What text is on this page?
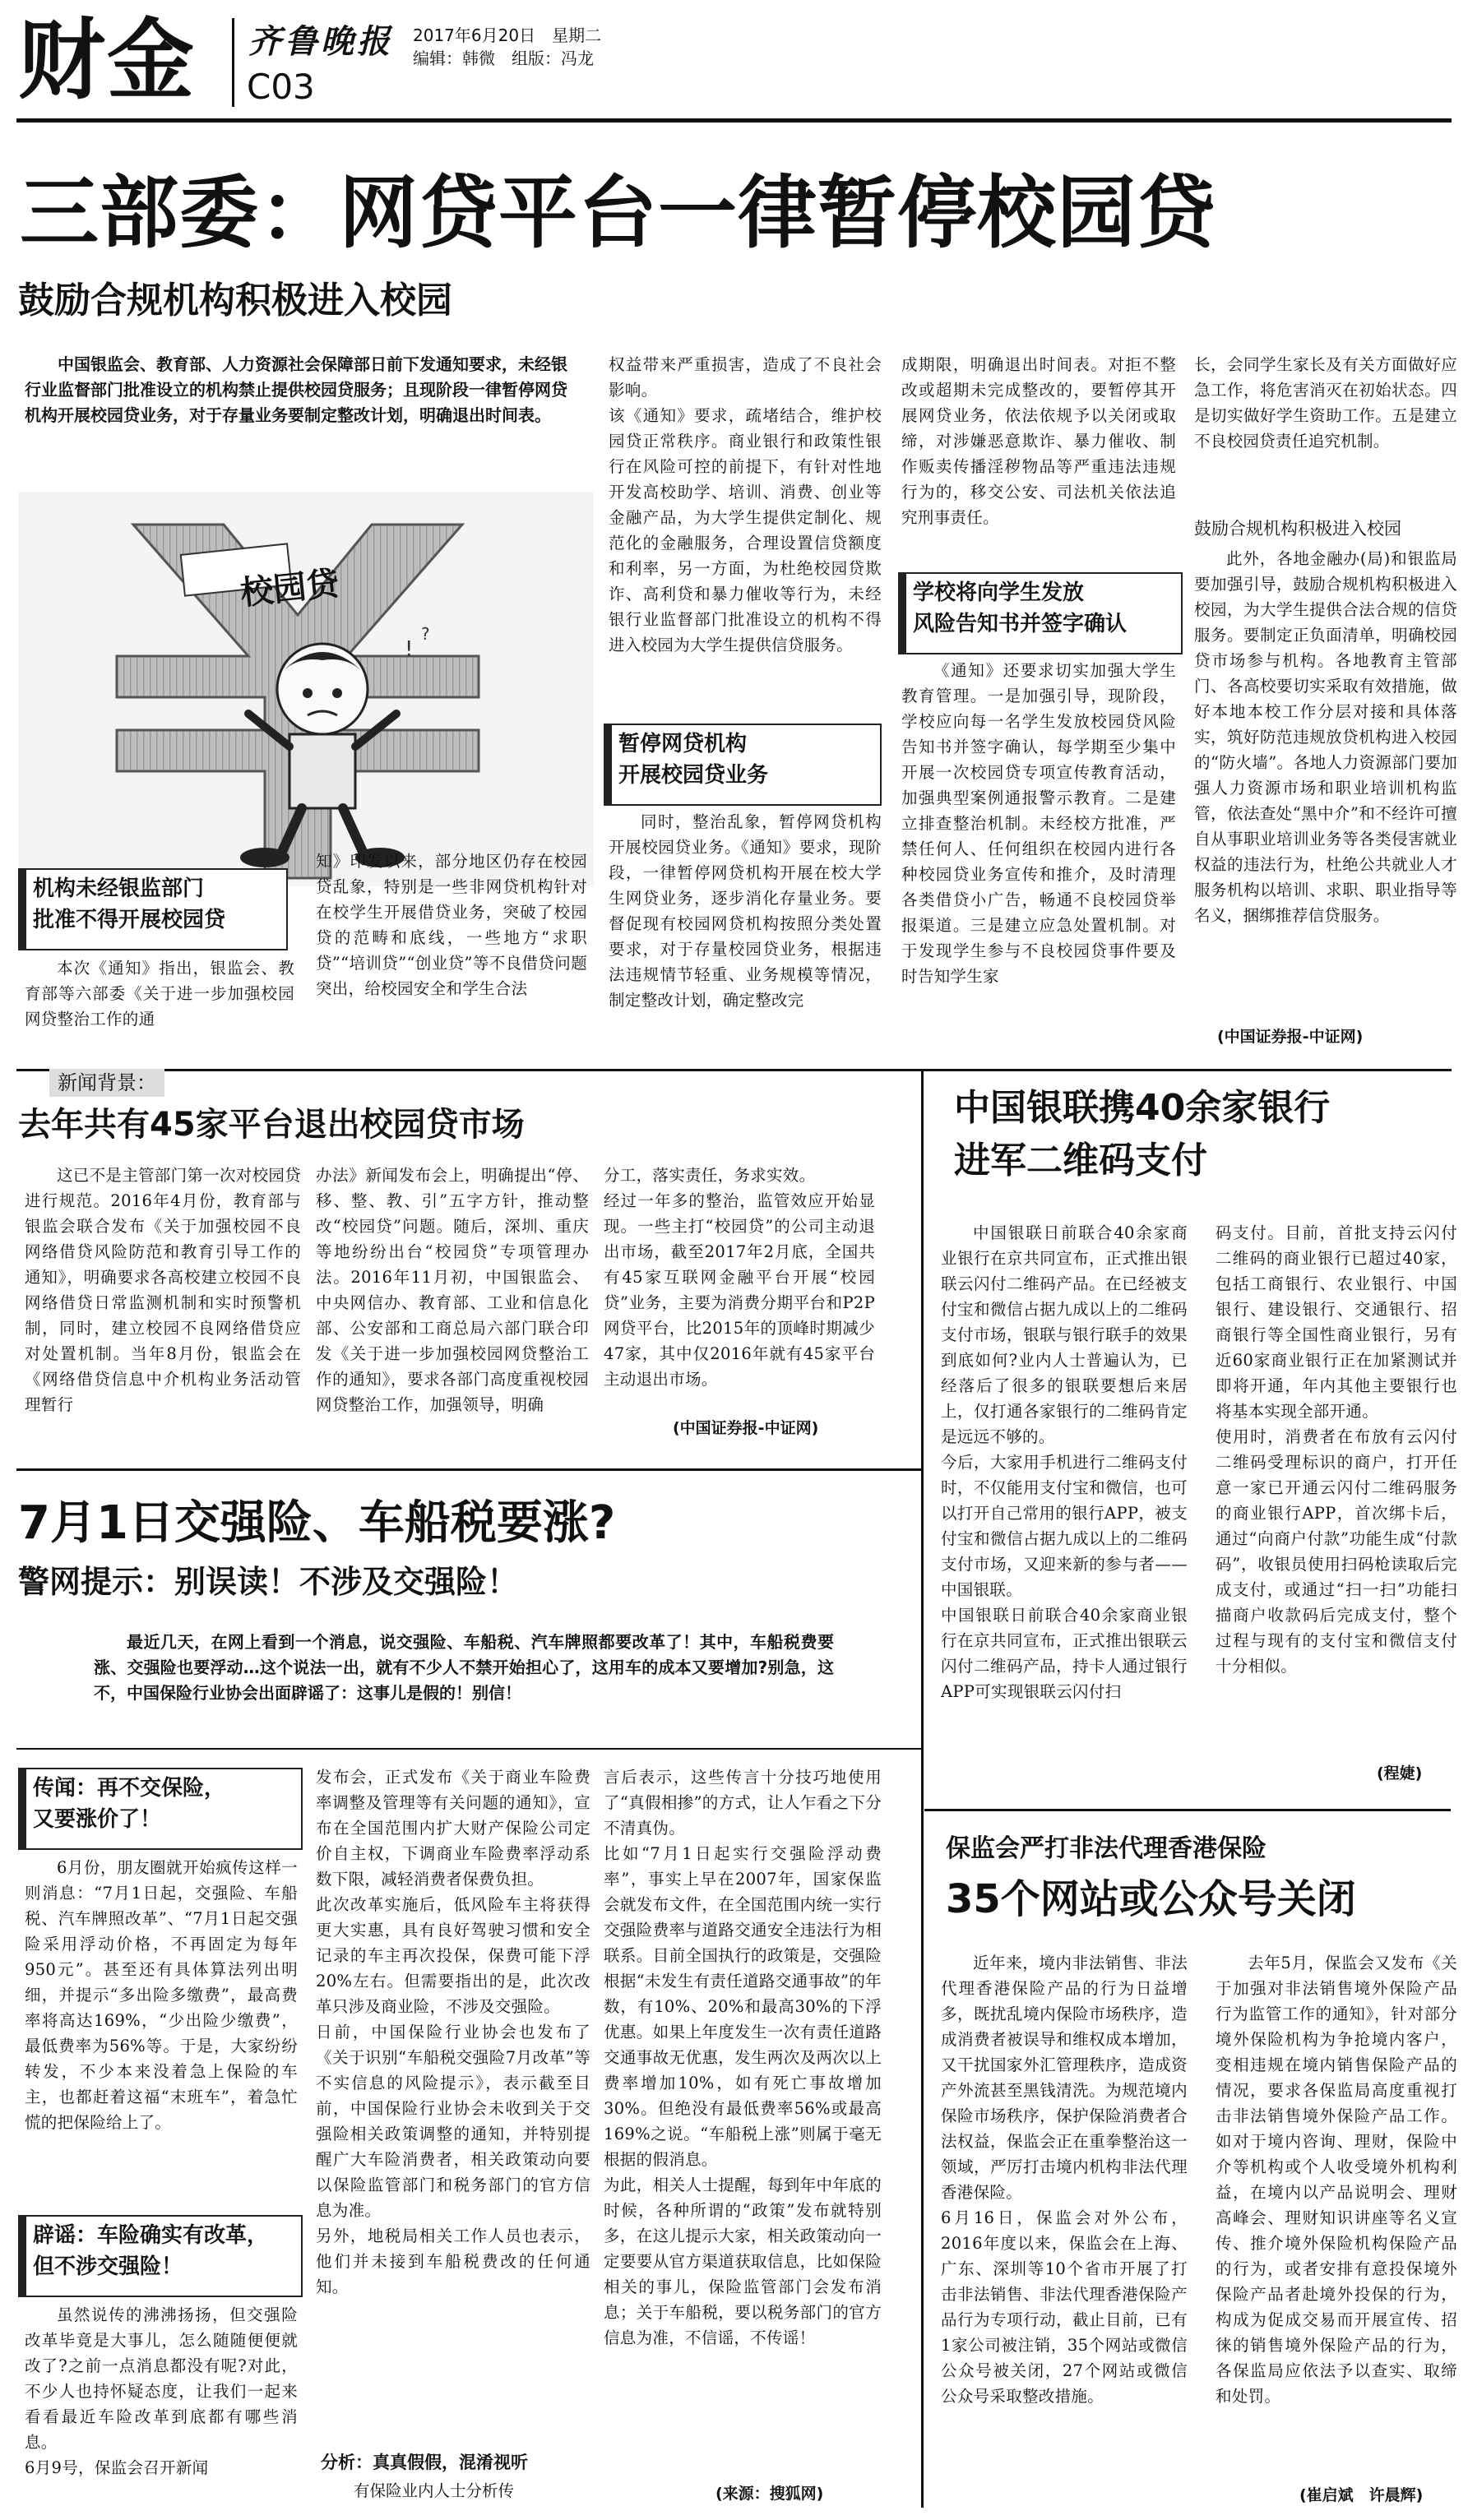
财金 齐鲁晚报
C03
2017年6月20日　 星期二
编辑：韩微　组版：冯龙
三部委：网贷平台一律暂停校园贷
鼓励合规机构积极进入校园
中国银监会、教育部、人力资源社会保障部日前下发通知要求，未经银行业监督部门批准设立的机构禁止提供校园贷服务；且现阶段一律暂停网贷机构开展校园贷业务，对于存量业务要制定整改计划，明确退出时间表。
!
?
校园贷
机构未经银监部门
批准不得开展校园贷

本次《通知》指出，银监会、教育部等六部委《关于进一步加强校园网贷整治工作的通

知》印发以来，部分地区仍存在校园贷乱象，特别是一些非网贷机构针对在校学生开展借贷业务，突破了校园贷的范畴和底线，一些地方“求职贷”“培训贷”“创业贷”等不良借贷问题突出，给校园安全和学生合法

权益带来严重损害，造成了不良社会影响。
该《通知》要求，疏堵结合，维护校园贷正常秩序。商业银行和政策性银行在风险可控的前提下，有针对性地开发高校助学、培训、消费、创业等金融产品，为大学生提供定制化、规范化的金融服务，合理设置信贷额度和利率，另一方面，为杜绝校园贷欺诈、高利贷和暴力催收等行为，未经银行业监督部门批准设立的机构不得进入校园为大学生提供信贷服务。

暂停网贷机构
开展校园贷业务

同时，整治乱象，暂停网贷机构开展校园贷业务。《通知》要求，现阶段，一律暂停网贷机构开展在校大学生网贷业务，逐步消化存量业务。要督促现有校园网贷机构按照分类处置要求，对于存量校园贷业务，根据违法违规情节轻重、业务规模等情况，制定整改计划，确定整改完

成期限，明确退出时间表。对拒不整改或超期未完成整改的，要暂停其开展网贷业务，依法依规予以关闭或取缔，对涉嫌恶意欺诈、暴力催收、制作贩卖传播淫秽物品等严重违法违规行为的，移交公安、司法机关依法追究刑事责任。

学校将向学生发放
风险告知书并签字确认

《通知》还要求切实加强大学生教育管理。一是加强引导，现阶段，学校应向每一名学生发放校园贷风险告知书并签字确认，每学期至少集中开展一次校园贷专项宣传教育活动，加强典型案例通报警示教育。二是建立排查整治机制。未经校方批准，严禁任何人、任何组织在校园内进行各种校园贷业务宣传和推介，及时清理各类借贷小广告，畅通不良校园贷举报渠道。三是建立应急处置机制。对于发现学生参与不良校园贷事件要及时告知学生家

长，会同学生家长及有关方面做好应急工作，将危害消灭在初始状态。四是切实做好学生资助工作。五是建立不良校园贷责任追究机制。

鼓励合规机构积极进入校园

此外，各地金融办(局)和银监局要加强引导，鼓励合规机构积极进入校园，为大学生提供合法合规的信贷服务。要制定正负面清单，明确校园贷市场参与机构。各地教育主管部门、各高校要切实采取有效措施，做好本地本校工作分层对接和具体落实，筑好防范违规放贷机构进入校园的“防火墙”。各地人力资源部门要加强人力资源市场和职业培训机构监管，依法查处“黑中介”和不经许可擅自从事职业培训业务等各类侵害就业权益的违法行为，杜绝公共就业人才服务机构以培训、求职、职业指导等名义，捆绑推荐信贷服务。

(中国证券报-中证网)
新闻背景：
去年共有45家平台退出校园贷市场

这已不是主管部门第一次对校园贷进行规范。2016年4月份，教育部与银监会联合发布《关于加强校园不良网络借贷风险防范和教育引导工作的通知》，明确要求各高校建立校园不良网络借贷日常监测机制和实时预警机制，同时，建立校园不良网络借贷应对处置机制。当年8月份，银监会在《网络借贷信息中介机构业务活动管理暂行

办法》新闻发布会上，明确提出“停、移、整、教、引”五字方针，推动整改“校园贷”问题。随后，深圳、重庆等地纷纷出台“校园贷”专项管理办法。2016年11月初，中国银监会、中央网信办、教育部、工业和信息化部、公安部和工商总局六部门联合印发《关于进一步加强校园网贷整治工作的通知》，要求各部门高度重视校园网贷整治工作，加强领导，明确

分工，落实责任，务求实效。
经过一年多的整治，监管效应开始显现。一些主打“校园贷”的公司主动退出市场，截至2017年2月底，全国共有45家互联网金融平台开展“校园贷”业务，主要为消费分期平台和P2P网贷平台，比2015年的顶峰时期减少47家，其中仅2016年就有45家平台主动退出市场。

(中国证券报-中证网)
7月1日交强险、车船税要涨?
警网提示：别误读！不涉及交强险！
最近几天，在网上看到一个消息，说交强险、车船税、汽车牌照都要改革了！其中，车船税费要涨、交强险也要浮动…这个说法一出，就有不少人不禁开始担心了，这用车的成本又要增加?别急，这不，中国保险行业协会出面辟谣了：这事儿是假的！别信！
传闻：再不交保险，
又要涨价了！

6月份，朋友圈就开始疯传这样一则消息：“7月1日起，交强险、车船税、汽车牌照改革”、“7月1日起交强险采用浮动价格，不再固定为每年950元”。甚至还有具体算法列出明细，并提示“多出险多缴费”，最高费率将高达169%，“少出险少缴费”，最低费率为56%等。于是，大家纷纷转发，不少本来没着急上保险的车主，也都赶着这福“末班车”，着急忙慌的把保险给上了。

辟谣：车险确实有改革，
但不涉交强险！

虽然说传的沸沸扬扬，但交强险改革毕竟是大事儿，怎么随随便便就改了?之前一点消息都没有呢?对此，不少人也持怀疑态度，让我们一起来看看最近车险改革到底都有哪些消息。
6月9号，保监会召开新闻

发布会，正式发布《关于商业车险费率调整及管理等有关问题的通知》，宣布在全国范围内扩大财产保险公司定价自主权，下调商业车险费率浮动系数下限，减轻消费者保费负担。
此次改革实施后，低风险车主将获得更大实惠，具有良好驾驶习惯和安全记录的车主再次投保，保费可能下浮20%左右。但需要指出的是，此次改革只涉及商业险，不涉及交强险。
日前，中国保险行业协会也发布了《关于识别“车船税交强险7月改革”等不实信息的风险提示》，表示截至目前，中国保险行业协会未收到关于交强险相关政策调整的通知，并特别提醒广大车险消费者，相关政策动向要以保险监管部门和税务部门的官方信息为准。
另外，地税局相关工作人员也表示，他们并未接到车船税费改的任何通知。

分析：真真假假，混淆视听
有保险业内人士分析传

言后表示，这些传言十分技巧地使用了“真假相掺”的方式，让人乍看之下分不清真伪。
比如“7月1日起实行交强险浮动费率”，事实上早在2007年，国家保监会就发布文件，在全国范围内统一实行交强险费率与道路交通安全违法行为相联系。目前全国执行的政策是，交强险根据“未发生有责任道路交通事故”的年数，有10%、20%和最高30%的下浮优惠。如果上年度发生一次有责任道路交通事故无优惠，发生两次及两次以上费率增加10%，如有死亡事故增加30%。但绝没有最低费率56%或最高169%之说。“车船税上涨”则属于毫无根据的假消息。
为此，相关人士提醒，每到年中年底的时候，各种所谓的“政策”发布就特别多，在这儿提示大家，相关政策动向一定要要从官方渠道获取信息，比如保险相关的事儿，保险监管部门会发布消息；关于车船税，要以税务部门的官方信息为准，不信谣，不传谣！

(来源：搜狐网)
中国银联携40余家银行
进军二维码支付

中国银联日前联合40余家商业银行在京共同宣布，正式推出银联云闪付二维码产品。在已经被支付宝和微信占据九成以上的二维码支付市场，银联与银行联手的效果到底如何?业内人士普遍认为，已经落后了很多的银联要想后来居上，仅打通各家银行的二维码肯定是远远不够的。
今后，大家用手机进行二维码支付时，不仅能用支付宝和微信，也可以打开自己常用的银行APP，被支付宝和微信占据九成以上的二维码支付市场，又迎来新的参与者——中国银联。
中国银联日前联合40余家商业银行在京共同宣布，正式推出银联云闪付二维码产品，持卡人通过银行APP可实现银联云闪付扫

码支付。目前，首批支持云闪付二维码的商业银行已超过40家，包括工商银行、农业银行、中国银行、建设银行、交通银行、招商银行等全国性商业银行，另有近60家商业银行正在加紧测试并即将开通，年内其他主要银行也将基本实现全部开通。
使用时，消费者在布放有云闪付二维码受理标识的商户，打开任意一家已开通云闪付二维码服务的商业银行APP，首次绑卡后，通过“向商户付款”功能生成“付款码”，收银员使用扫码枪读取后完成支付，或通过“扫一扫”功能扫描商户收款码后完成支付，整个过程与现有的支付宝和微信支付十分相似。

(程婕)
保监会严打非法代理香港保险
35个网站或公众号关闭

近年来，境内非法销售、非法代理香港保险产品的行为日益增多，既扰乱境内保险市场秩序，造成消费者被误导和维权成本增加，又干扰国家外汇管理秩序，造成资产外流甚至黑钱清洗。为规范境内保险市场秩序，保护保险消费者合法权益，保监会正在重拳整治这一领域，严厉打击境内机构非法代理香港保险。
6月16日，保监会对外公布，2016年度以来，保监会在上海、广东、深圳等10个省市开展了打击非法销售、非法代理香港保险产品行为专项行动，截止目前，已有1家公司被注销，35个网站或微信公众号被关闭，27个网站或微信公众号采取整改措施。

去年5月，保监会又发布《关于加强对非法销售境外保险产品行为监管工作的通知》，针对部分境外保险机构为争抢境内客户，变相违规在境内销售保险产品的情况，要求各保监局高度重视打击非法销售境外保险产品工作。如对于境内咨询、理财，保险中介等机构或个人收受境外机构利益，在境内以产品说明会、理财高峰会、理财知识讲座等名义宣传、推介境外保险机构保险产品的行为，或者安排有意投保境外保险产品者赴境外投保的行为，构成为促成交易而开展宣传、招徕的销售境外保险产品的行为，各保监局应依法予以查实、取缔和处罚。

(崔启斌　许晨辉)
